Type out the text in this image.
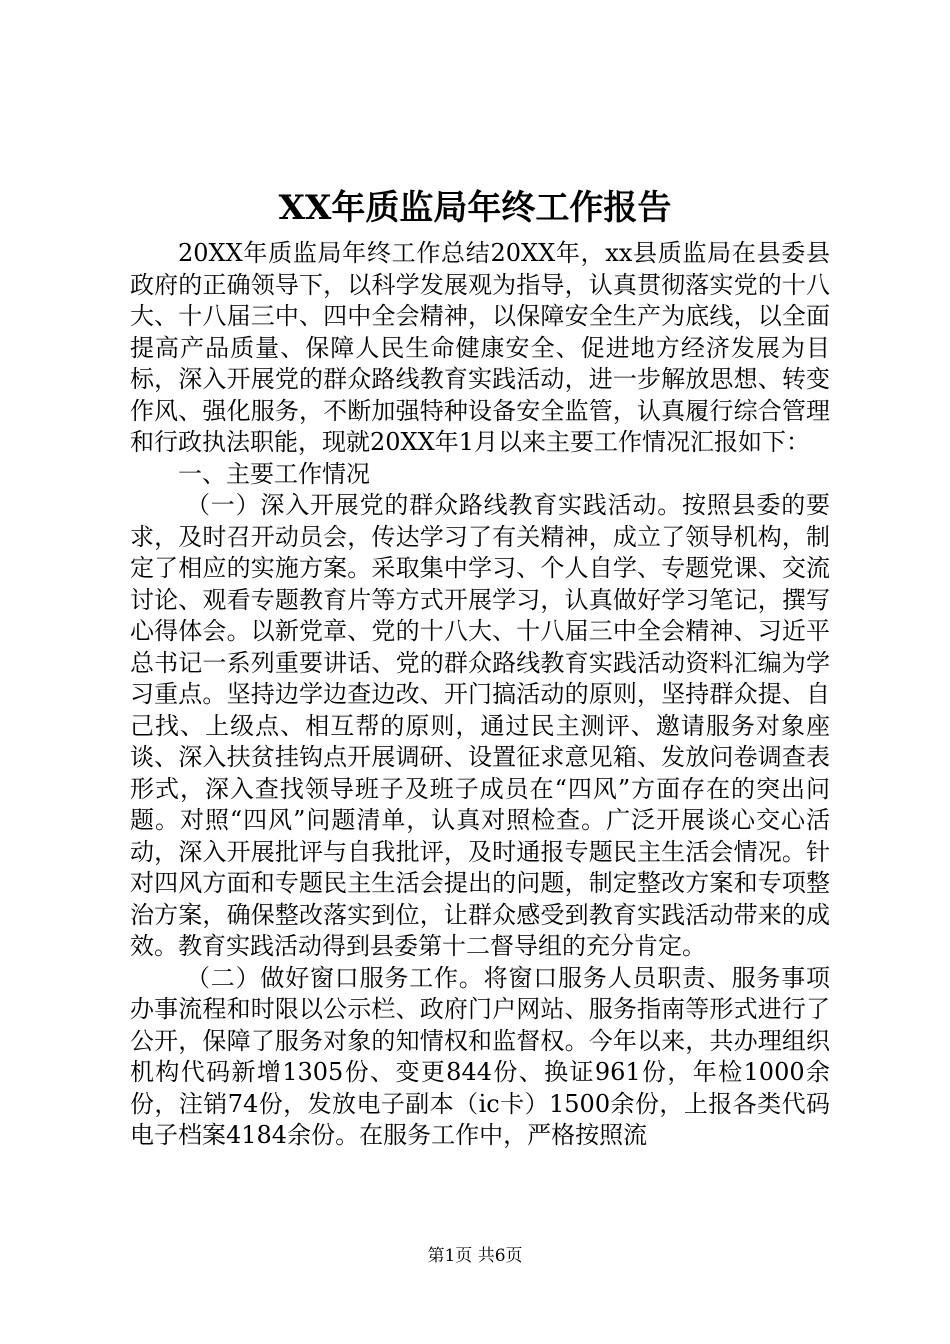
XX年质监局年终工作报告

20XX年质监局年终工作总结20XX年，xx县质监局在县委县政府的正确领导下，以科学发展观为指导，认真贯彻落实党的十八大、十八届三中、四中全会精神，以保障安全生产为底线，以全面提高产品质量、保障人民生命健康安全、促进地方经济发展为目标，深入开展党的群众路线教育实践活动，进一步解放思想、转变作风、强化服务，不断加强特种设备安全监管，认真履行综合管理和行政执法职能，现就20XX年1月以来主要工作情况汇报如下：

一、主要工作情况

（一）深入开展党的群众路线教育实践活动。按照县委的要求，及时召开动员会，传达学习了有关精神，成立了领导机构，制定了相应的实施方案。采取集中学习、个人自学、专题党课、交流讨论、观看专题教育片等方式开展学习，认真做好学习笔记，撰写心得体会。以新党章、党的十八大、十八届三中全会精神、习近平总书记一系列重要讲话、党的群众路线教育实践活动资料汇编为学习重点。坚持边学边查边改、开门搞活动的原则，坚持群众提、自己找、上级点、相互帮的原则，通过民主测评、邀请服务对象座谈、深入扶贫挂钩点开展调研、设置征求意见箱、发放问卷调查表形式，深入查找领导班子及班子成员在“四风”方面存在的突出问题。对照“四风”问题清单，认真对照检查。广泛开展谈心交心活动，深入开展批评与自我批评，及时通报专题民主生活会情况。针对四风方面和专题民主生活会提出的问题，制定整改方案和专项整治方案，确保整改落实到位，让群众感受到教育实践活动带来的成效。教育实践活动得到县委第十二督导组的充分肯定。

（二）做好窗口服务工作。将窗口服务人员职责、服务事项办事流程和时限以公示栏、政府门户网站、服务指南等形式进行了公开，保障了服务对象的知情权和监督权。今年以来，共办理组织机构代码新增1305份、变更844份、换证961份，年检1000余份，注销74份，发放电子副本（ic卡）1500余份，上报各类代码电子档案4184余份。在服务工作中，严格按照流

第1页 共6页
